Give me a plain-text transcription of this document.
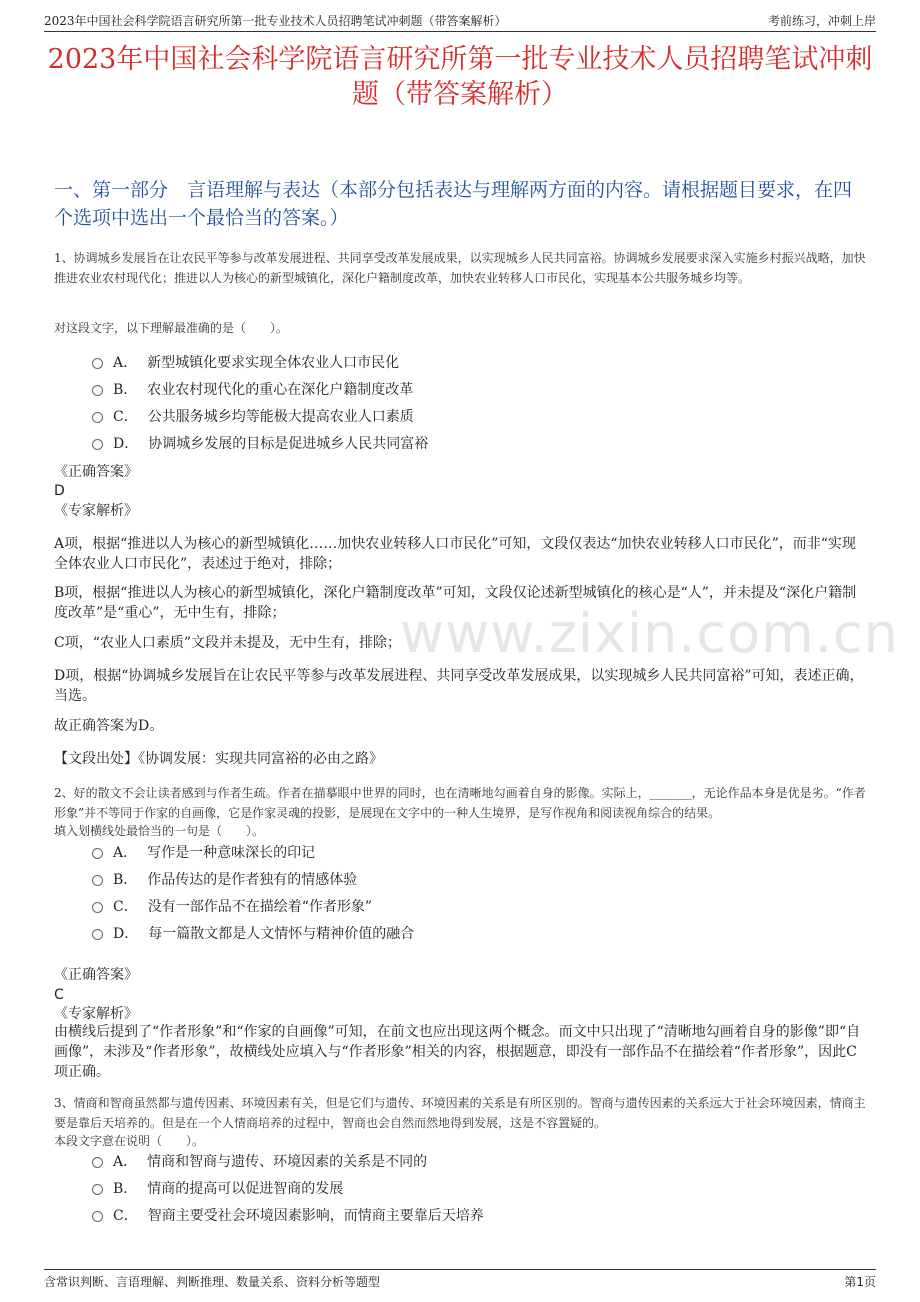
2023年中国社会科学院语言研究所第一批专业技术人员招聘笔试冲刺题（带答案解析）	考前练习，冲刺上岸
2023年中国社会科学院语言研究所第一批专业技术人员招聘笔试冲刺题（带答案解析）
一、第一部分　言语理解与表达（本部分包括表达与理解两方面的内容。请根据题目要求，在四个选项中选出一个最恰当的答案。）
www.zixin.com.cn
1、协调城乡发展旨在让农民平等参与改革发展进程、共同享受改革发展成果，以实现城乡人民共同富裕。协调城乡发展要求深入实施乡村振兴战略，加快推进农业农村现代化；推进以人为核心的新型城镇化，深化户籍制度改革，加快农业转移人口市民化，实现基本公共服务城乡均等。
对这段文字，以下理解最准确的是（　　）。
A． 新型城镇化要求实现全体农业人口市民化
B． 农业农村现代化的重心在深化户籍制度改革
C． 公共服务城乡均等能极大提高农业人口素质
D． 协调城乡发展的目标是促进城乡人民共同富裕
《正确答案》
D
《专家解析》
A项，根据“推进以人为核心的新型城镇化……加快农业转移人口市民化”可知，文段仅表达“加快农业转移人口市民化”，而非“实现全体农业人口市民化”，表述过于绝对，排除；
B项，根据“推进以人为核心的新型城镇化，深化户籍制度改革”可知，文段仅论述新型城镇化的核心是“人”，并未提及“深化户籍制度改革”是“重心”，无中生有，排除；
C项，“农业人口素质”文段并未提及，无中生有，排除；
D项，根据“协调城乡发展旨在让农民平等参与改革发展进程、共同享受改革发展成果，以实现城乡人民共同富裕”可知，表述正确，当选。
故正确答案为D。
【文段出处】《协调发展：实现共同富裕的必由之路》
2、好的散文不会让读者感到与作者生疏。作者在描摹眼中世界的同时，也在清晰地勾画着自身的影像。实际上，_______，无论作品本身是优是劣。“作者形象”并不等同于作家的自画像，它是作家灵魂的投影，是展现在文字中的一种人生境界，是写作视角和阅读视角综合的结果。
填入划横线处最恰当的一句是（　　）。
A． 写作是一种意味深长的印记
B． 作品传达的是作者独有的情感体验
C． 没有一部作品不在描绘着“作者形象”
D． 每一篇散文都是人文情怀与精神价值的融合
《正确答案》
C
《专家解析》
由横线后提到了“作者形象”和“作家的自画像”可知，在前文也应出现这两个概念。而文中只出现了“清晰地勾画着自身的影像”即“自画像”，未涉及“作者形象”，故横线处应填入与“作者形象”相关的内容，根据题意，即没有一部作品不在描绘着“作者形象”，因此C项正确。
3、情商和智商虽然都与遗传因素、环境因素有关，但是它们与遗传、环境因素的关系是有所区别的。智商与遗传因素的关系远大于社会环境因素，情商主要是靠后天培养的。但是在一个人情商培养的过程中，智商也会自然而然地得到发展，这是不容置疑的。
本段文字意在说明（　　）。
A． 情商和智商与遗传、环境因素的关系是不同的
B． 情商的提高可以促进智商的发展
C． 智商主要受社会环境因素影响，而情商主要靠后天培养
含常识判断、言语理解、判断推理、数量关系、资料分析等题型	第1页
